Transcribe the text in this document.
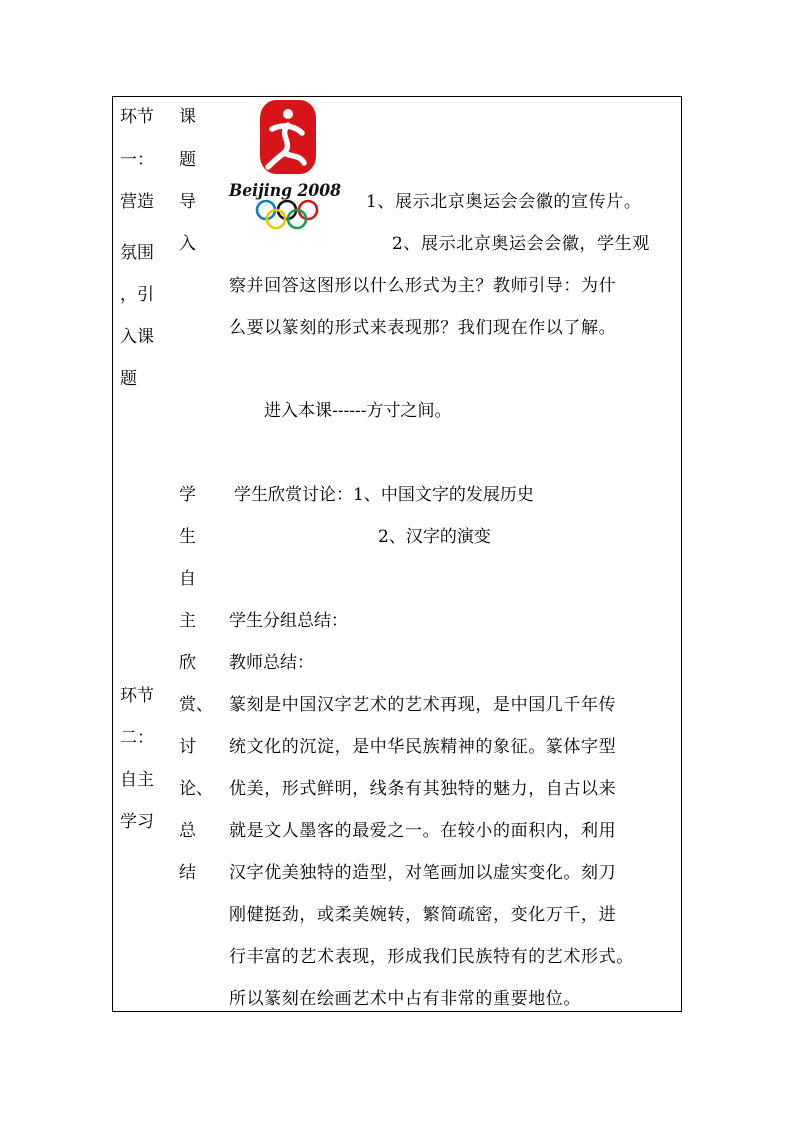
环节
一：
营造
氛围
，引
入课
题
课
题
导
入
Beijing 2008
1、展示北京奥运会会徽的宣传片。
2、展示北京奥运会会徽，学生观
察并回答这图形以什么形式为主？教师引导：为什
么要以篆刻的形式来表现那？我们现在作以了解。
进入本课------方寸之间。
环节
二：
自主
学习
学
生
自
主
欣
赏、
讨
论、
总
结
学生欣赏讨论：1、中国文字的发展历史
2、汉字的演变
学生分组总结：
教师总结：
篆刻是中国汉字艺术的艺术再现，是中国几千年传
统文化的沉淀，是中华民族精神的象征。篆体字型
优美，形式鲜明，线条有其独特的魅力，自古以来
就是文人墨客的最爱之一。在较小的面积内，利用
汉字优美独特的造型，对笔画加以虚实变化。刻刀
刚健挺劲，或柔美婉转，繁简疏密，变化万千，进
行丰富的艺术表现，形成我们民族特有的艺术形式。
所以篆刻在绘画艺术中占有非常的重要地位。
